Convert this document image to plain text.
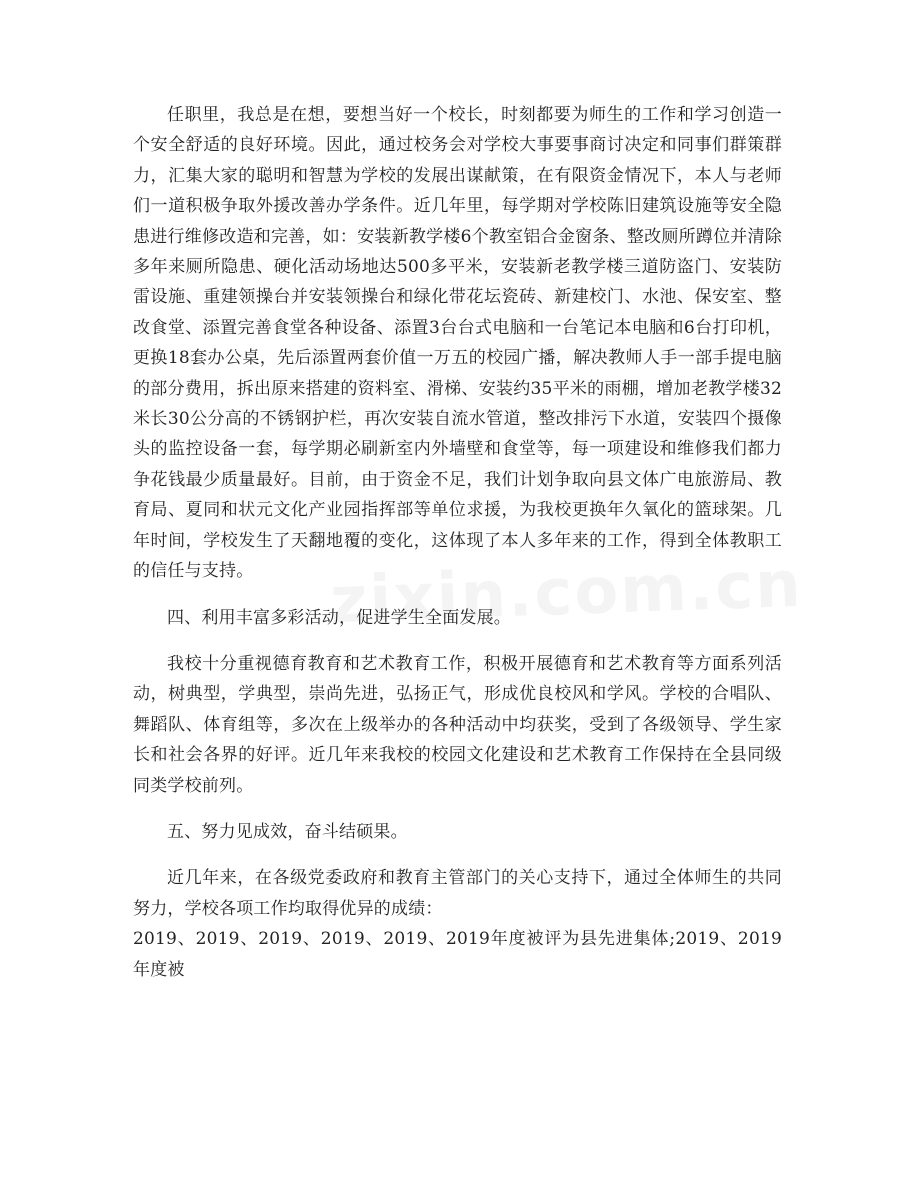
任职里，我总是在想，要想当好一个校长，时刻都要为师生的工作和学习创造一个安全舒适的良好环境。因此，通过校务会对学校大事要事商讨决定和同事们群策群力，汇集大家的聪明和智慧为学校的发展出谋献策，在有限资金情况下，本人与老师们一道积极争取外援改善办学条件。近几年里，每学期对学校陈旧建筑设施等安全隐患进行维修改造和完善，如：安装新教学楼6个教室铝合金窗条、整改厕所蹲位并清除多年来厕所隐患、硬化活动场地达500多平米，安装新老教学楼三道防盗门、安装防雷设施、重建领操台并安装领操台和绿化带花坛瓷砖、新建校门、水池、保安室、整改食堂、添置完善食堂各种设备、添置3台台式电脑和一台笔记本电脑和6台打印机，更换18套办公桌，先后添置两套价值一万五的校园广播，解决教师人手一部手提电脑的部分费用，拆出原来搭建的资料室、滑梯、安装约35平米的雨棚，增加老教学楼32米长30公分高的不锈钢护栏，再次安装自流水管道，整改排污下水道，安装四个摄像头的监控设备一套，每学期必刷新室内外墙壁和食堂等，每一项建设和维修我们都力争花钱最少质量最好。目前，由于资金不足，我们计划争取向县文体广电旅游局、教育局、夏同和状元文化产业园指挥部等单位求援，为我校更换年久氧化的篮球架。几年时间，学校发生了天翻地覆的变化，这体现了本人多年来的工作，得到全体教职工的信任与支持。

四、利用丰富多彩活动，促进学生全面发展。

我校十分重视德育教育和艺术教育工作，积极开展德育和艺术教育等方面系列活动，树典型，学典型，崇尚先进，弘扬正气，形成优良校风和学风。学校的合唱队、舞蹈队、体育组等，多次在上级举办的各种活动中均获奖，受到了各级领导、学生家长和社会各界的好评。近几年来我校的校园文化建设和艺术教育工作保持在全县同级同类学校前列。

五、努力见成效，奋斗结硕果。

近几年来，在各级党委政府和教育主管部门的关心支持下，通过全体师生的共同努力，学校各项工作均取得优异的成绩：

2019、2019、2019、2019、2019、2019年度被评为县先进集体;2019、2019年度被
